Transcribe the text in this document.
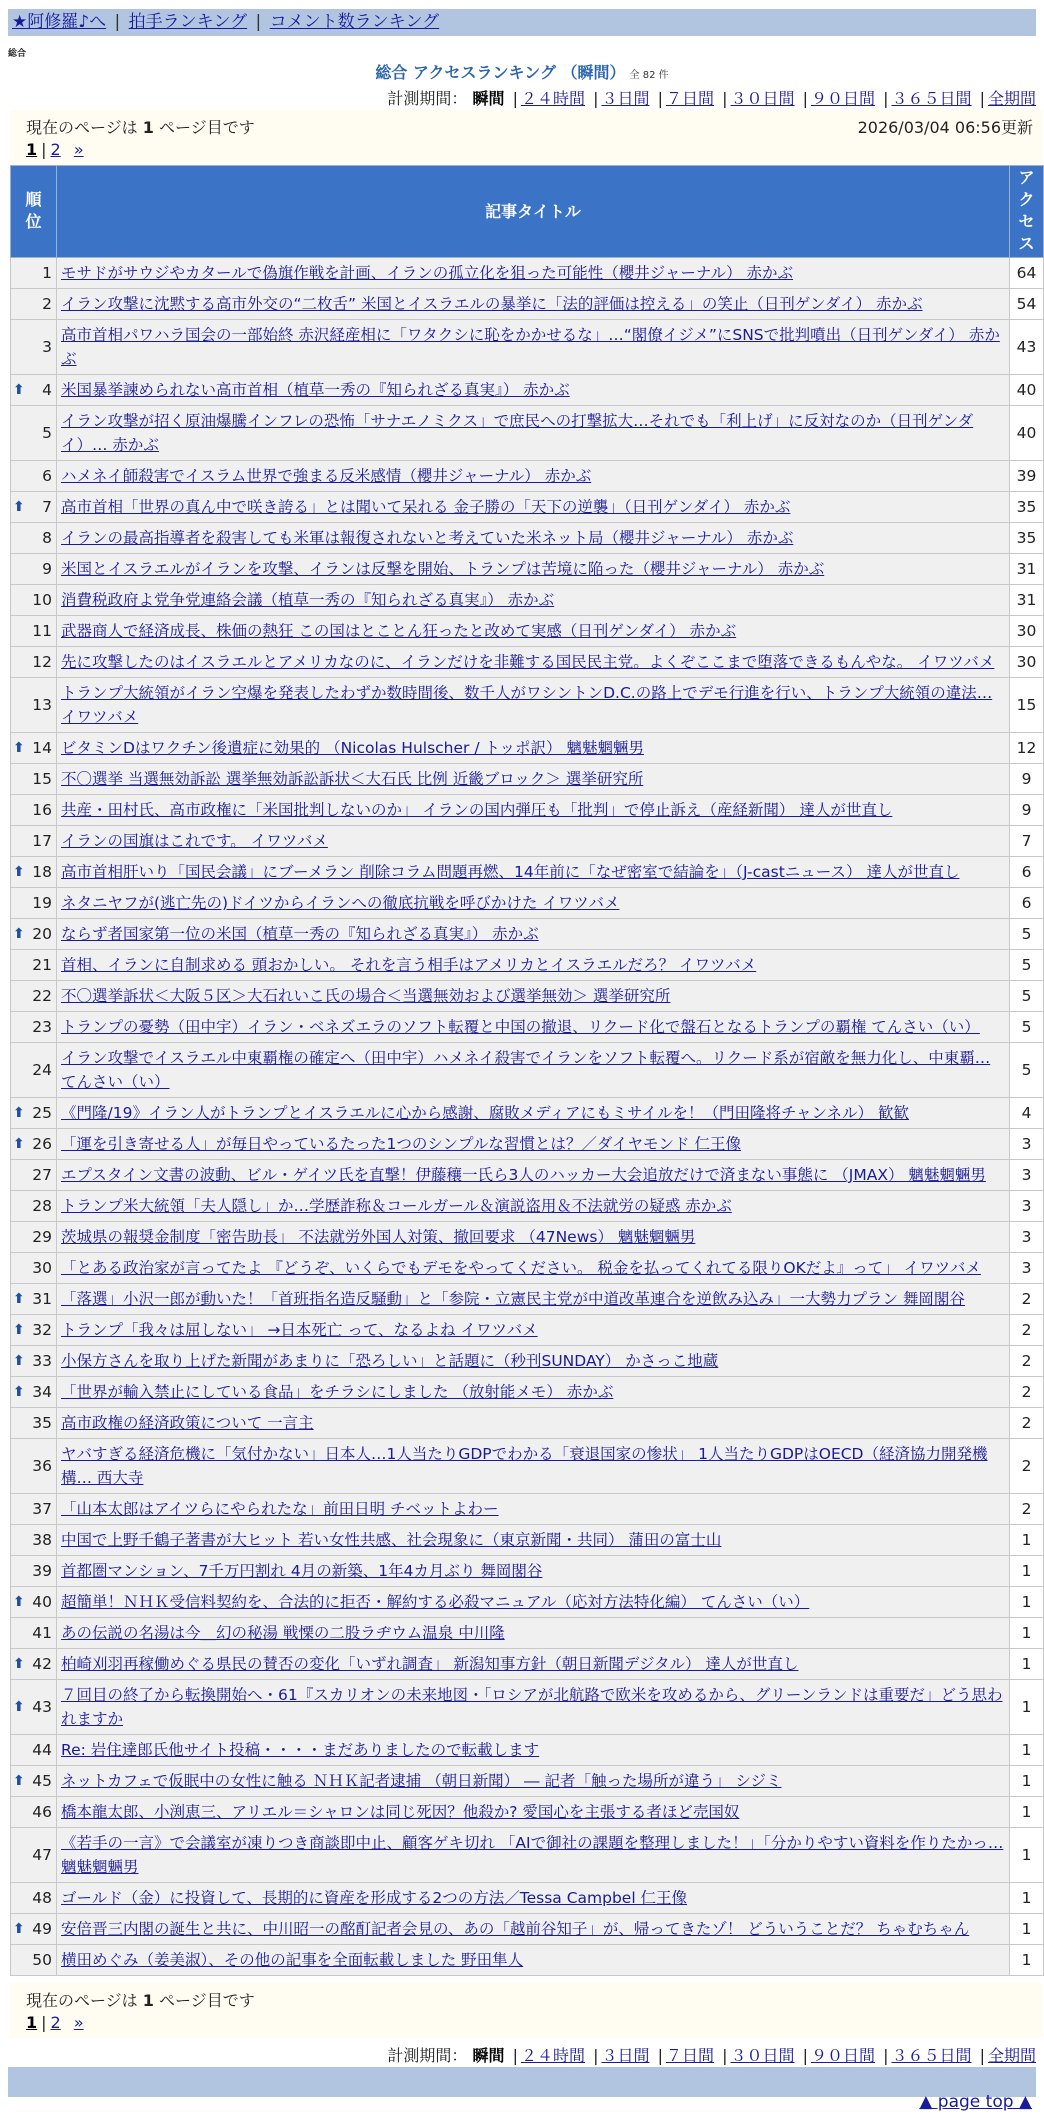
★阿修羅♪へ | 拍手ランキング | コメント数ランキング
総合
総合 アクセスランキング （瞬間） 全 82 件
計測期間： 瞬間 | ２４時間 | ３日間 | ７日間 | ３０日間 | ９０日間 | ３６５日間 | 全期間
現在のページは 1 ページ目です	2026/03/04 06:56更新
1 | 2 »
順位	記事タイトル	アクセス
1	モサドがサウジやカタールで偽旗作戦を計画、イランの孤立化を狙った可能性（櫻井ジャーナル） 赤かぶ	64
2	イラン攻撃に沈黙する高市外交の“二枚舌” 米国とイスラエルの暴挙に「法的評価は控える」の笑止（日刊ゲンダイ） 赤かぶ	54
3	高市首相パワハラ国会の一部始終 赤沢経産相に「ワタクシに恥をかかせるな」…“閣僚イジメ”にSNSで批判噴出（日刊ゲンダイ） 赤かぶ	43

⬆ 4	米国暴挙諫められない高市首相（植草一秀の『知られざる真実』） 赤かぶ	40
5	イラン攻撃が招く原油爆騰インフレの恐怖「サナエノミクス」で庶民への打撃拡大…それでも「利上げ」に反対なのか（日刊ゲンダイ）… 赤かぶ	40
6	ハメネイ師殺害でイスラム世界で強まる反米感情（櫻井ジャーナル） 赤かぶ	39

⬆ 7	高市首相「世界の真ん中で咲き誇る」とは聞いて呆れる 金子勝の「天下の逆襲」（日刊ゲンダイ） 赤かぶ	35
8	イランの最高指導者を殺害しても米軍は報復されないと考えていた米ネット局（櫻井ジャーナル） 赤かぶ	35
9	米国とイスラエルがイランを攻撃、イランは反撃を開始、トランプは苦境に陥った（櫻井ジャーナル） 赤かぶ	31
10	消費税政府よ党争党連絡会議（植草一秀の『知られざる真実』） 赤かぶ	31
11	武器商人で経済成長、株価の熱狂 この国はとことん狂ったと改めて実感（日刊ゲンダイ） 赤かぶ	30
12	先に攻撃したのはイスラエルとアメリカなのに、イランだけを非難する国民民主党。よくぞここまで堕落できるもんやな。 イワツバメ	30
13	トランプ大統領がイラン空爆を発表したわずか数時間後、数千人がワシントンD.C.の路上でデモ行進を行い、トランプ大統領の違法… イワツバメ	15

⬆ 14	ビタミンDはワクチン後遺症に効果的 （Nicolas Hulscher / トッポ訳） 魑魅魍魎男	12
15	不〇選挙 当選無効訴訟 選挙無効訴訟訴状＜大石氏 比例 近畿ブロック＞ 選挙研究所	9
16	共産・田村氏、高市政権に「米国批判しないのか」 イランの国内弾圧も「批判」で停止訴え（産経新聞） 達人が世直し	9
17	イランの国旗はこれです。 イワツバメ	7

⬆ 18	高市首相肝いり「国民会議」にブーメラン 削除コラム問題再燃、14年前に「なぜ密室で結論を」（J-castニュース） 達人が世直し	6
19	ネタニヤフが(逃亡先の)ドイツからイランへの徹底抗戦を呼びかけた イワツバメ	6

⬆ 20	ならず者国家第一位の米国（植草一秀の『知られざる真実』） 赤かぶ	5
21	首相、イランに自制求める 頭おかしい。 それを言う相手はアメリカとイスラエルだろ？ イワツバメ	5
22	不〇選挙訴状＜大阪５区＞大石れいこ氏の場合＜当選無効および選挙無効＞ 選挙研究所	5
23	トランプの憂勢（田中宇）イラン・ベネズエラのソフト転覆と中国の撤退、リクード化で盤石となるトランプの覇権 てんさい（い）	5
24	イラン攻撃でイスラエル中東覇権の確定へ（田中宇）ハメネイ殺害でイランをソフト転覆へ。リクード系が宿敵を無力化し、中東覇… てんさい（い）	5

⬆ 25	《門隆/19》イラン人がトランプとイスラエルに心から感謝、腐敗メディアにもミサイルを！（門田隆将チャンネル） 歓歓	4

⬆ 26	「運を引き寄せる人」が毎日やっているたった1つのシンプルな習慣とは？／ダイヤモンド 仁王像	3
27	エプスタイン文書の波動、ビル・ゲイツ氏を直撃！伊藤穰一氏ら3人のハッカー大会追放だけで済まない事態に （JMAX） 魑魅魍魎男	3
28	トランプ米大統領「夫人隠し」か…学歴詐称＆コールガール＆演説盗用＆不法就労の疑惑 赤かぶ	3
29	茨城県の報奨金制度「密告助長」 不法就労外国人対策、撤回要求 （47News） 魑魅魍魎男	3
30	「とある政治家が言ってたよ 『どうぞ、いくらでもデモをやってください。 税金を払ってくれてる限りOKだよ』って」 イワツバメ	3

⬆ 31	「落選」小沢一郎が動いた！「首班指名造反騒動」と「参院・立憲民主党が中道改革連合を逆飲み込み」一大勢力プラン 舞岡閣谷	2

⬆ 32	トランプ「我々は屈しない」 →日本死亡 って、なるよね イワツバメ	2

⬆ 33	小保方さんを取り上げた新聞があまりに「恐ろしい」と話題に（秒刊SUNDAY） かさっこ地蔵	2

⬆ 34	「世界が輸入禁止にしている食品」をチラシにしました （放射能メモ） 赤かぶ	2
35	高市政権の経済政策について 一言主	2
36	ヤバすぎる経済危機に「気付かない」日本人…1人当たりGDPでわかる「衰退国家の惨状」 1人当たりGDPはOECD（経済協力開発機構… 西大寺	2
37	「山本太郎はアイツらにやられたな」前田日明 チベットよわー	2
38	中国で上野千鶴子著書が大ヒット 若い女性共感、社会現象に（東京新聞・共同） 蒲田の富士山	1
39	首都圏マンション、7千万円割れ 4月の新築、1年4カ月ぶり 舞岡閣谷	1

⬆ 40	超簡単！ＮＨＫ受信料契約を、合法的に拒否・解約する必殺マニュアル（応対方法特化編） てんさい（い）	1
41	あの伝説の名湯は今＿幻の秘湯 戦慄の二股ラヂウム温泉 中川隆	1

⬆ 42	柏崎刈羽再稼働めぐる県民の賛否の変化「いずれ調査」 新潟知事方針（朝日新聞デジタル） 達人が世直し	1

⬆ 43	７回目の終了から転換開始へ・61『スカリオンの未来地図・「ロシアが北航路で欧米を攻めるから、グリーンランドは重要だ」どう思われますか	1
44	Re: 岩住達郎氏他サイト投稿・・・・まだありましたので転載します	1

⬆ 45	ネットカフェで仮眠中の女性に触る ＮＨＫ記者逮捕 （朝日新聞） ― 記者「触った場所が違う」 シジミ	1
46	橋本龍太郎、小渕恵三、アリエル＝シャロンは同じ死因？他殺か? 愛国心を主張する者ほど売国奴	1
47	《若手の一言》で会議室が凍りつき商談即中止、顧客ゲキ切れ 「AIで御社の課題を整理しました！」「分かりやすい資料を作りたかっ… 魑魅魍魎男	1
48	ゴールド（金）に投資して、長期的に資産を形成する2つの方法／Tessa Campbel 仁王像	1

⬆ 49	安倍晋三内閣の誕生と共に、中川昭一の酩酊記者会見の、あの「越前谷知子」が、帰ってきたゾ！ どういうことだ？ ちゃむちゃん	1
50	横田めぐみ（姜美淑）、その他の記事を全面転載しました 野田隼人	1
現在のページは 1 ページ目です
1 | 2 »
計測期間： 瞬間 | ２４時間 | ３日間 | ７日間 | ３０日間 | ９０日間 | ３６５日間 | 全期間
▲ page top ▲
